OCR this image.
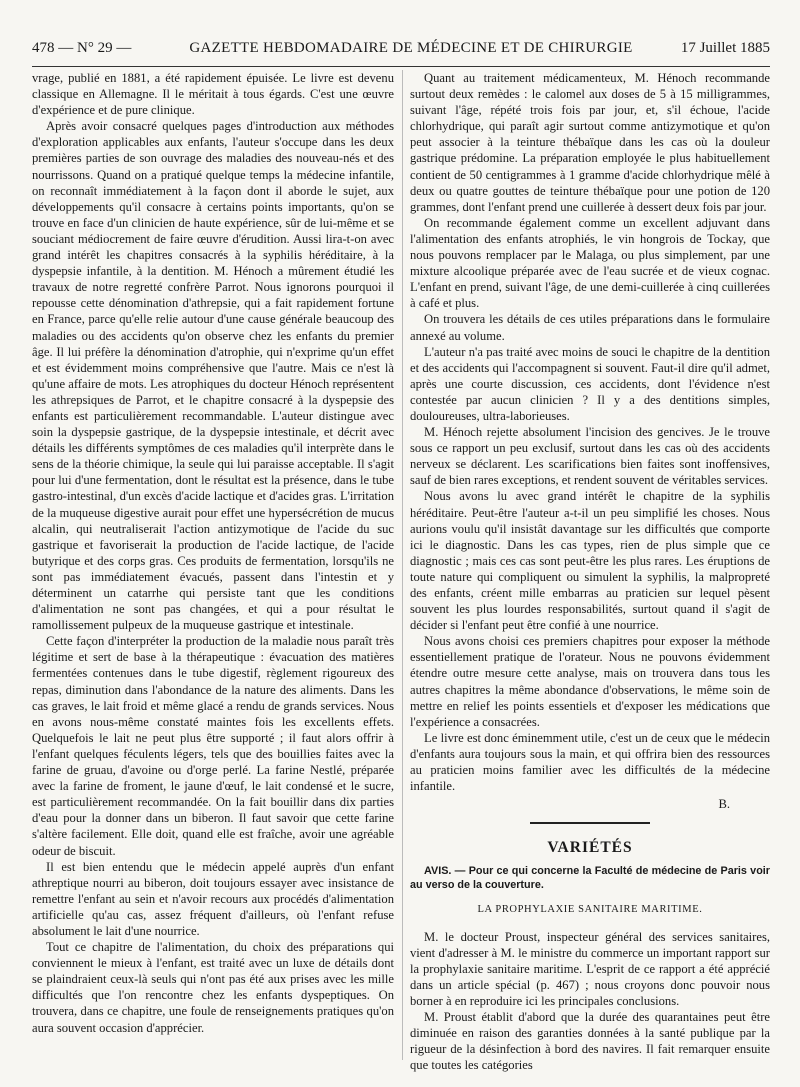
478 — N° 29 —	GAZETTE HEBDOMADAIRE DE MÉDECINE ET DE CHIRURGIE	17 Juillet 1885

vrage, publié en 1881, a été rapidement épuisée. Le livre est devenu classique en Allemagne. Il le méritait à tous égards. C'est une œuvre d'expérience et de pure clinique.

Après avoir consacré quelques pages d'introduction aux méthodes d'exploration applicables aux enfants, l'auteur s'occupe dans les deux premières parties de son ouvrage des maladies des nouveau-nés et des nourrissons. Quand on a pratiqué quelque temps la médecine infantile, on reconnaît immédiatement à la façon dont il aborde le sujet, aux développements qu'il consacre à certains points importants, qu'on se trouve en face d'un clinicien de haute expérience, sûr de lui-même et se souciant médiocrement de faire œuvre d'érudition. Aussi lira-t-on avec grand intérêt les chapitres consacrés à la syphilis héréditaire, à la dyspepsie infantile, à la dentition. M. Hénoch a mûrement étudié les travaux de notre regretté confrère Parrot. Nous ignorons pourquoi il repousse cette dénomination d'athrepsie, qui a fait rapidement fortune en France, parce qu'elle relie autour d'une cause générale beaucoup des maladies ou des accidents qu'on observe chez les enfants du premier âge. Il lui préfère la dénomination d'atrophie, qui n'exprime qu'un effet et est évidemment moins compréhensive que l'autre. Mais ce n'est là qu'une affaire de mots. Les atrophiques du docteur Hénoch représentent les athrepsiques de Parrot, et le chapitre consacré à la dyspepsie des enfants est particulièrement recommandable. L'auteur distingue avec soin la dyspepsie gastrique, de la dyspepsie intestinale, et décrit avec détails les différents symptômes de ces maladies qu'il interprète dans le sens de la théorie chimique, la seule qui lui paraisse acceptable. Il s'agit pour lui d'une fermentation, dont le résultat est la présence, dans le tube gastro-intestinal, d'un excès d'acide lactique et d'acides gras. L'irritation de la muqueuse digestive aurait pour effet une hypersécrétion de mucus alcalin, qui neutraliserait l'action antizymotique de l'acide du suc gastrique et favoriserait la production de l'acide lactique, de l'acide butyrique et des corps gras. Ces produits de fermentation, lorsqu'ils ne sont pas immédiatement évacués, passent dans l'intestin et y déterminent un catarrhe qui persiste tant que les conditions d'alimentation ne sont pas changées, et qui a pour résultat le ramollissement pulpeux de la muqueuse gastrique et intestinale.

Cette façon d'interpréter la production de la maladie nous paraît très légitime et sert de base à la thérapeutique : évacuation des matières fermentées contenues dans le tube digestif, règlement rigoureux des repas, diminution dans l'abondance de la nature des aliments. Dans les cas graves, le lait froid et même glacé a rendu de grands services. Nous en avons nous-même constaté maintes fois les excellents effets. Quelquefois le lait ne peut plus être supporté ; il faut alors offrir à l'enfant quelques féculents légers, tels que des bouillies faites avec la farine de gruau, d'avoine ou d'orge perlé. La farine Nestlé, préparée avec la farine de froment, le jaune d'œuf, le lait condensé et le sucre, est particulièrement recommandée. On la fait bouillir dans dix parties d'eau pour la donner dans un biberon. Il faut savoir que cette farine s'altère facilement. Elle doit, quand elle est fraîche, avoir une agréable odeur de biscuit.

Il est bien entendu que le médecin appelé auprès d'un enfant athreptique nourri au biberon, doit toujours essayer avec insistance de remettre l'enfant au sein et n'avoir recours aux procédés d'alimentation artificielle qu'au cas, assez fréquent d'ailleurs, où l'enfant refuse absolument le lait d'une nourrice.

Tout ce chapitre de l'alimentation, du choix des préparations qui conviennent le mieux à l'enfant, est traité avec un luxe de détails dont se plaindraient ceux-là seuls qui n'ont pas été aux prises avec les mille difficultés que l'on rencontre chez les enfants dyspeptiques. On trouvera, dans ce chapitre, une foule de renseignements pratiques qu'on aura souvent occasion d'apprécier.

Quant au traitement médicamenteux, M. Hénoch recommande surtout deux remèdes : le calomel aux doses de 5 à 15 milligrammes, suivant l'âge, répété trois fois par jour, et, s'il échoue, l'acide chlorhydrique, qui paraît agir surtout comme antizymotique et qu'on peut associer à la teinture thébaïque dans les cas où la douleur gastrique prédomine. La préparation employée le plus habituellement contient de 50 centigrammes à 1 gramme d'acide chlorhydrique mêlé à deux ou quatre gouttes de teinture thébaïque pour une potion de 120 grammes, dont l'enfant prend une cuillerée à dessert deux fois par jour.

On recommande également comme un excellent adjuvant dans l'alimentation des enfants atrophiés, le vin hongrois de Tockay, que nous pouvons remplacer par le Malaga, ou plus simplement, par une mixture alcoolique préparée avec de l'eau sucrée et de vieux cognac. L'enfant en prend, suivant l'âge, de une demi-cuillerée à cinq cuillerées à café et plus.

On trouvera les détails de ces utiles préparations dans le formulaire annexé au volume.

L'auteur n'a pas traité avec moins de souci le chapitre de la dentition et des accidents qui l'accompagnent si souvent. Faut-il dire qu'il admet, après une courte discussion, ces accidents, dont l'évidence n'est contestée par aucun clinicien ? Il y a des dentitions simples, douloureuses, ultra-laborieuses.

M. Hénoch rejette absolument l'incision des gencives. Je le trouve sous ce rapport un peu exclusif, surtout dans les cas où des accidents nerveux se déclarent. Les scarifications bien faites sont inoffensives, sauf de bien rares exceptions, et rendent souvent de véritables services.

Nous avons lu avec grand intérêt le chapitre de la syphilis héréditaire. Peut-être l'auteur a-t-il un peu simplifié les choses. Nous aurions voulu qu'il insistât davantage sur les difficultés que comporte ici le diagnostic. Dans les cas types, rien de plus simple que ce diagnostic ; mais ces cas sont peut-être les plus rares. Les éruptions de toute nature qui compliquent ou simulent la syphilis, la malpropreté des enfants, créent mille embarras au praticien sur lequel pèsent souvent les plus lourdes responsabilités, surtout quand il s'agit de décider si l'enfant peut être confié à une nourrice.

Nous avons choisi ces premiers chapitres pour exposer la méthode essentiellement pratique de l'orateur. Nous ne pouvons évidemment étendre outre mesure cette analyse, mais on trouvera dans tous les autres chapitres la même abondance d'observations, le même soin de mettre en relief les points essentiels et d'exposer les médications que l'expérience a consacrées.

Le livre est donc éminemment utile, c'est un de ceux que le médecin d'enfants aura toujours sous la main, et qui offrira bien des ressources au praticien moins familier avec les difficultés de la médecine infantile.

B.
VARIÉTÉS
AVIS. — Pour ce qui concerne la Faculté de médecine de Paris voir au verso de la couverture.
LA PROPHYLAXIE SANITAIRE MARITIME.

M. le docteur Proust, inspecteur général des services sanitaires, vient d'adresser à M. le ministre du commerce un important rapport sur la prophylaxie sanitaire maritime. L'esprit de ce rapport a été apprécié dans un article spécial (p. 467) ; nous croyons donc pouvoir nous borner à en reproduire ici les principales conclusions.

M. Proust établit d'abord que la durée des quarantaines peut être diminuée en raison des garanties données à la santé publique par la rigueur de la désinfection à bord des navires. Il fait remarquer ensuite que toutes les catégories
